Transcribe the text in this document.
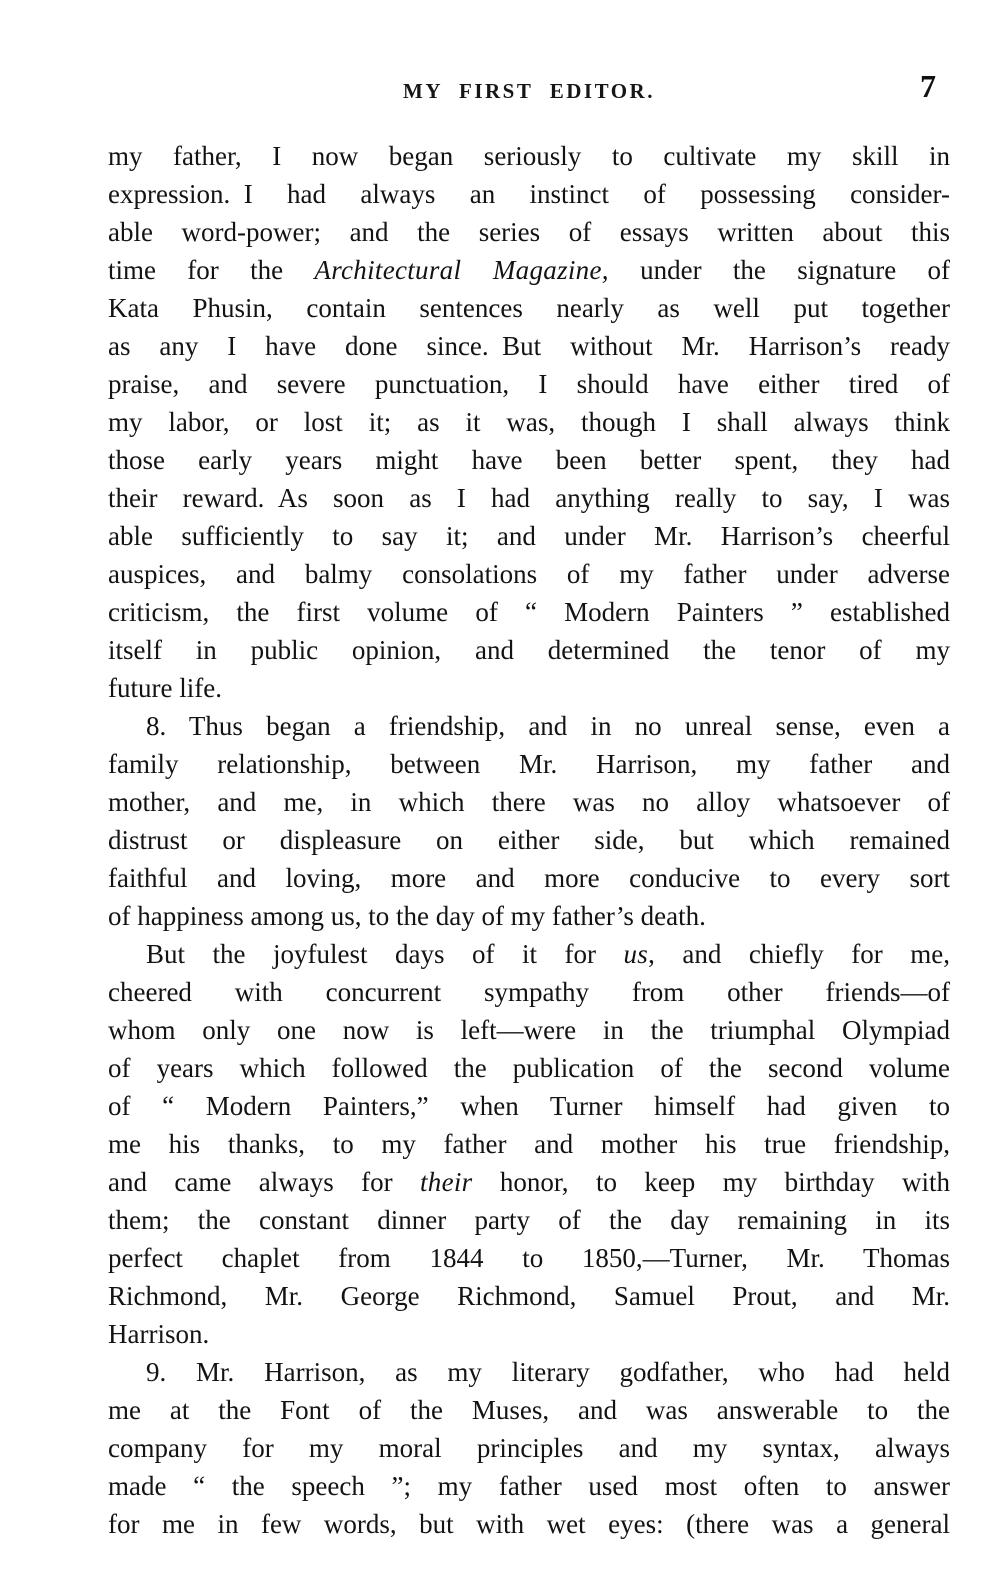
MY FIRST EDITOR.	7
my father, I now began seriously to cultivate my skill in
expression. I had always an instinct of possessing consider-
able word-power; and the series of essays written about this
time for the Architectural Magazine, under the signature of
Kata Phusin, contain sentences nearly as well put together
as any I have done since. But without Mr. Harrison’s ready
praise, and severe punctuation, I should have either tired of
my labor, or lost it; as it was, though I shall always think
those early years might have been better spent, they had
their reward. As soon as I had anything really to say, I was
able sufficiently to say it; and under Mr. Harrison’s cheerful
auspices, and balmy consolations of my father under adverse
criticism, the first volume of “ Modern Painters ” established
itself in public opinion, and determined the tenor of my
future life.
8. Thus began a friendship, and in no unreal sense, even a
family relationship, between Mr. Harrison, my father and
mother, and me, in which there was no alloy whatsoever of
distrust or displeasure on either side, but which remained
faithful and loving, more and more conducive to every sort
of happiness among us, to the day of my father’s death.
But the joyfulest days of it for us, and chiefly for me,
cheered with concurrent sympathy from other friends—of
whom only one now is left—were in the triumphal Olympiad
of years which followed the publication of the second volume
of “ Modern Painters,” when Turner himself had given to
me his thanks, to my father and mother his true friendship,
and came always for their honor, to keep my birthday with
them; the constant dinner party of the day remaining in its
perfect chaplet from 1844 to 1850,—Turner, Mr. Thomas
Richmond, Mr. George Richmond, Samuel Prout, and Mr.
Harrison.
9. Mr. Harrison, as my literary godfather, who had held
me at the Font of the Muses, and was answerable to the
company for my moral principles and my syntax, always
made “ the speech ”; my father used most often to answer
for me in few words, but with wet eyes: (there was a general
